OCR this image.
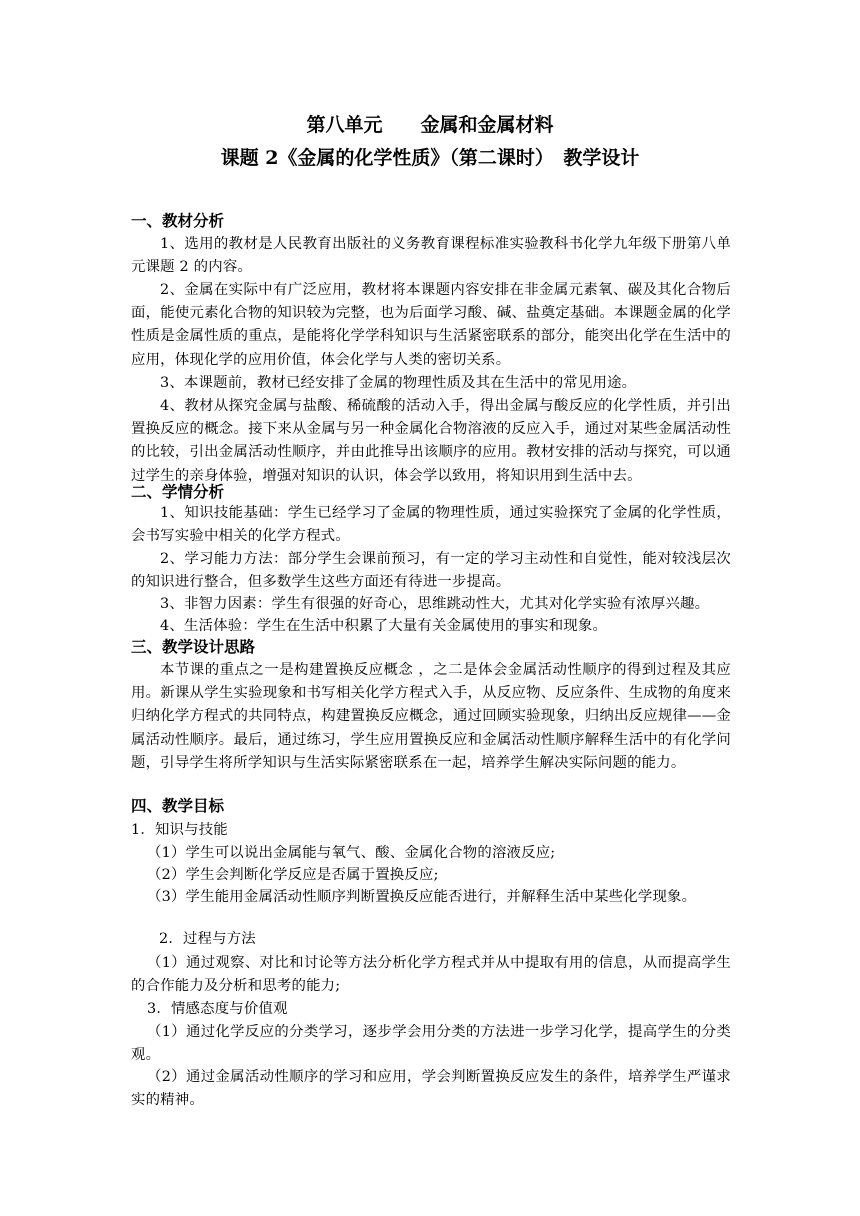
第八单元　　金属和金属材料
课题 2《金属的化学性质》（第二课时）　教学设计
一、教材分析
1、选用的教材是人民教育出版社的义务教育课程标准实验教科书化学九年级下册第八单元课题 2 的内容。
2、金属在实际中有广泛应用，教材将本课题内容安排在非金属元素氧、碳及其化合物后面，能使元素化合物的知识较为完整，也为后面学习酸、碱、盐奠定基础。本课题金属的化学性质是金属性质的重点，是能将化学学科知识与生活紧密联系的部分，能突出化学在生活中的应用，体现化学的应用价值，体会化学与人类的密切关系。
3、本课题前，教材已经安排了金属的物理性质及其在生活中的常见用途。
4、教材从探究金属与盐酸、稀硫酸的活动入手，得出金属与酸反应的化学性质，并引出置换反应的概念。接下来从金属与另一种金属化合物溶液的反应入手，通过对某些金属活动性的比较，引出金属活动性顺序，并由此推导出该顺序的应用。教材安排的活动与探究，可以通过学生的亲身体验，增强对知识的认识，体会学以致用，将知识用到生活中去。
二、学情分析
1、知识技能基础：学生已经学习了金属的物理性质，通过实验探究了金属的化学性质，会书写实验中相关的化学方程式。
2、学习能力方法：部分学生会课前预习，有一定的学习主动性和自觉性，能对较浅层次的知识进行整合，但多数学生这些方面还有待进一步提高。
3、非智力因素：学生有很强的好奇心，思维跳动性大，尤其对化学实验有浓厚兴趣。
4、生活体验：学生在生活中积累了大量有关金属使用的事实和现象。
三、教学设计思路
本节课的重点之一是构建置换反应概念 ，之二是体会金属活动性顺序的得到过程及其应用。新课从学生实验现象和书写相关化学方程式入手，从反应物、反应条件、生成物的角度来归纳化学方程式的共同特点，构建置换反应概念，通过回顾实验现象，归纳出反应规律——金属活动性顺序。最后，通过练习，学生应用置换反应和金属活动性顺序解释生活中的有化学问题，引导学生将所学知识与生活实际紧密联系在一起，培养学生解决实际问题的能力。
四、教学目标
1．知识与技能
（1）学生可以说出金属能与氧气、酸、金属化合物的溶液反应;
（2）学生会判断化学反应是否属于置换反应;
（3）学生能用金属活动性顺序判断置换反应能否进行，并解释生活中某些化学现象。
2．过程与方法
（1）通过观察、对比和讨论等方法分析化学方程式并从中提取有用的信息，从而提高学生的合作能力及分析和思考的能力;
3．情感态度与价值观
（1）通过化学反应的分类学习，逐步学会用分类的方法进一步学习化学，提高学生的分类观。
（2）通过金属活动性顺序的学习和应用，学会判断置换反应发生的条件，培养学生严谨求实的精神。
